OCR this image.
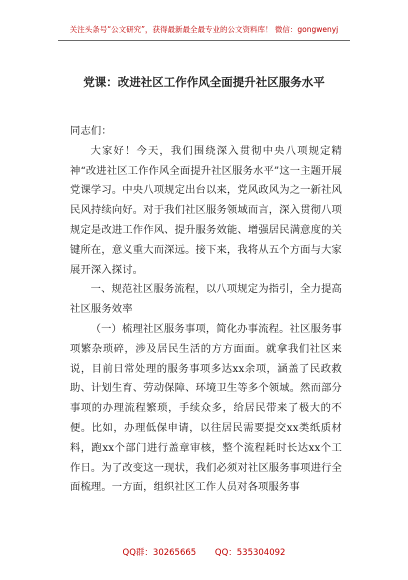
关注头条号“公文研究”，获得最新最全最专业的公文资料库！ 微信：gongwenyj
党课：改进社区工作作风全面提升社区服务水平

同志们：

大家好！今天，我们围绕深入贯彻中央八项规定精神“改进社区工作作风全面提升社区服务水平”这一主题开展党课学习。中央八项规定出台以来，党风政风为之一新社风民风持续向好。对于我们社区服务领域而言，深入贯彻八项规定是改进工作作风、提升服务效能、增强居民满意度的关键所在，意义重大而深远。接下来，我将从五个方面与大家展开深入探讨。

一、规范社区服务流程，以八项规定为指引，全力提高社区服务效率

（一）梳理社区服务事项，简化办事流程。社区服务事项繁杂琐碎，涉及居民生活的方方面面。就拿我们社区来说，目前日常处理的服务事项多达xx余项，涵盖了民政救助、计划生育、劳动保障、环境卫生等多个领域。然而部分事项的办理流程繁琐，手续众多，给居民带来了极大的不便。比如，办理低保申请，以往居民需要提交xx类纸质材料，跑xx个部门进行盖章审核，整个流程耗时长达xx个工作日。为了改变这一现状，我们必须对社区服务事项进行全面梳理。一方面，组织社区工作人员对各项服务事

QQ群：30265665 QQ：535304092
